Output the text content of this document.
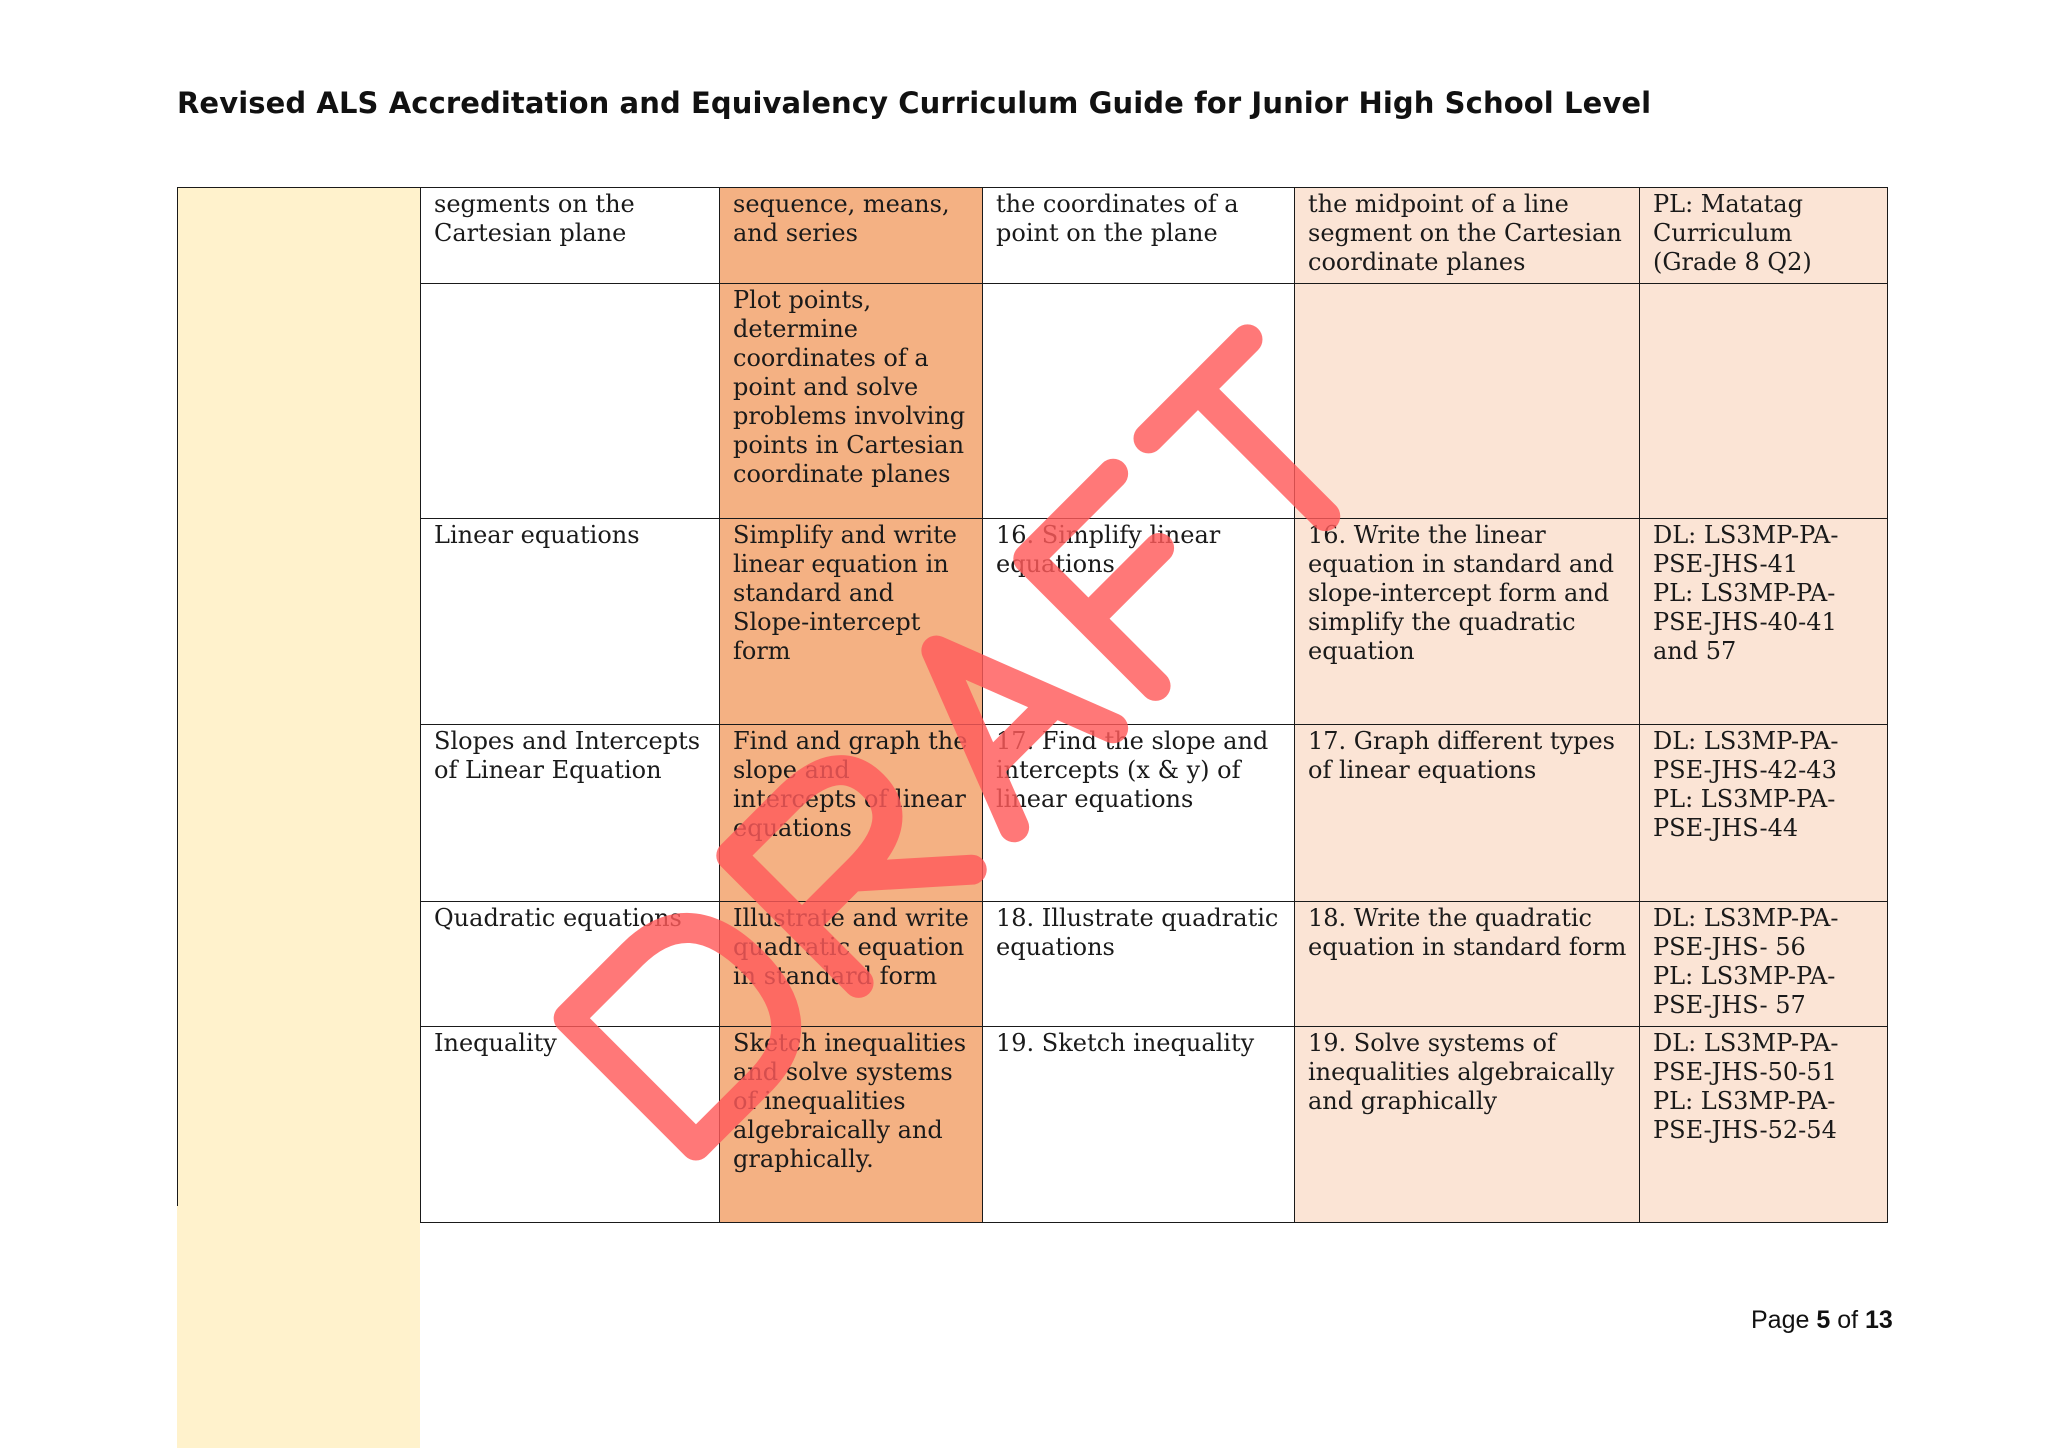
Revised ALS Accreditation and Equivalency Curriculum Guide for Junior High School Level
	segments on the Cartesian plane	sequence, means, and series	the coordinates of a point on the plane	the midpoint of a line segment on the Cartesian coordinate planes	PL: Matatag Curriculum (Grade 8 Q2)

		Plot points, determine coordinates of a point and solve problems involving points in Cartesian coordinate planes			
	Linear equations	Simplify and write linear equation in standard and Slope-intercept form	16. Simplify linear equations	16. Write the linear equation in standard and slope-intercept form and simplify the quadratic equation	DL: LS3MP-PA-PSE-JHS-41
PL: LS3MP-PA-PSE-JHS-40-41 and 57

	Slopes and Intercepts of Linear Equation	Find and graph the slope and intercepts of linear equations	17. Find the slope and intercepts (x & y) of linear equations	17. Graph different types of linear equations	DL: LS3MP-PA-PSE-JHS-42-43
PL: LS3MP-PA-PSE-JHS-44

	Quadratic equations	Illustrate and write quadratic equation in standard form	18. Illustrate quadratic equations	18. Write the quadratic equation in standard form	DL: LS3MP-PA-PSE-JHS- 56
PL: LS3MP-PA-PSE-JHS- 57

	Inequality	Sketch inequalities and solve systems of inequalities algebraically and graphically.	19. Sketch inequality	19. Solve systems of inequalities algebraically and graphically	DL: LS3MP-PA-PSE-JHS-50-51
PL: LS3MP-PA-PSE-JHS-52-54
Page 5 of 13
